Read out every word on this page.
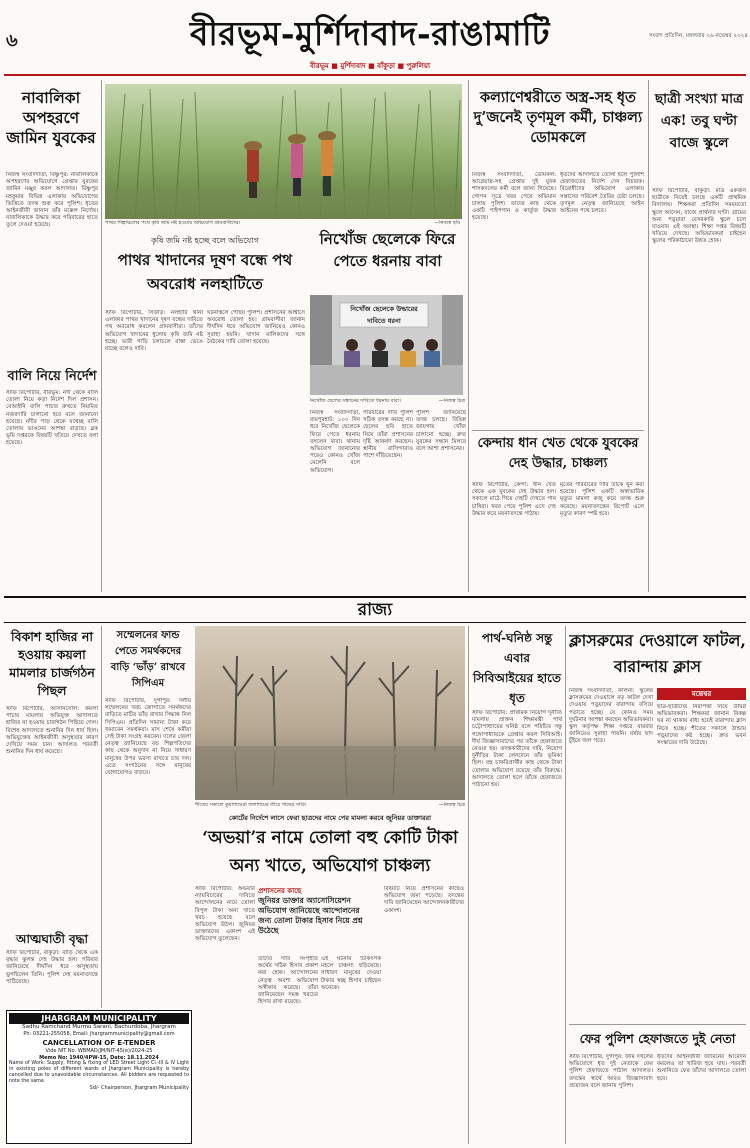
৬	বীরভূম-মুর্শিদাবাদ-রাঙামাটি	সংবাদ প্রতিদিন, মঙ্গলবার ২৬ নভেম্বর ২০২৪
বীরভূম ■ মুর্শিদাবাদ ■ বাঁকুড়া ■ পুরুলিয়া
নাবালিকা অপহরণে জামিন যুবকের
নিজস্ব সংবাদদাতা, বিষ্ণুপুর: নাবালিকাকে অপহরণের অভিযোগে গ্রেপ্তার যুবকের জামিন মঞ্জুর করল আদালত। বিষ্ণুপুর মহকুমার বিভিন্ন এলাকায় অভিযোগের ভিত্তিতে তদন্ত শুরু করে পুলিশ। ধৃতের আইনজীবী জানান তাঁর মক্কেল নির্দোষ। নাবালিকাকে উদ্ধার করে পরিবারের হাতে তুলে দেওয়া হয়েছে।
বালি নিয়ে নির্দেশ
স্টাফ রিপোর্টার, বীরভূম: নদী থেকে বালি তোলা নিয়ে কড়া নির্দেশ দিল প্রশাসন। বেআইনি বালি পাচার রুখতে নিয়মিত নজরদারি চালানো হবে বলে জানানো হয়েছে। নদীর পাড় থেকে যথেচ্ছ বালি তোলায় ভাঙনের আশঙ্কা বাড়ছে। ব্লক ভূমি দপ্তরকে বিষয়টি খতিয়ে দেখতে বলা হয়েছে।
পাথর শিল্পাঞ্চলের পথে কৃষি জমি নষ্ট হওয়ার অভিযোগ গ্রামবাসীদের।	—নিজস্ব ছবি
কৃষি জমি নষ্ট হচ্ছে বলে অভিযোগ
পাথর খাদানের দূষণ বন্ধে পথ অবরোধ নলহাটিতে
স্টাফ রিপোর্টার, সিউড়ি: নলহাটি থানা এলাকার পাথর খাদানের দূষণ বন্ধের দাবিতে পথ অবরোধ করলেন গ্রামবাসীরা। তাঁদের অভিযোগ খাদানের ধুলোয় কৃষি জমি নষ্ট হচ্ছে। ভারী গাড়ি চলাচলে রাস্তা ভেঙে যাচ্ছে বলেও দাবি।
ঘটনাস্থলে পৌঁছয় পুলিশ। প্রশাসনের আশ্বাসে অবরোধ তোলা হয়। গ্রামবাসীরা জানান দীর্ঘদিন ধরে অভিযোগ জানিয়েও কোনও সুরাহা হয়নি। খাদান মালিকদের সঙ্গে বৈঠকের দাবি তোলা হয়েছে।
নিখোঁজ ছেলেকে ফিরে পেতে ধরনায় বাবা
নিখোঁজ ছেলেকে উদ্ধারের দাবিতে ধরনা
নিখোঁজ ছেলের সন্ধানের দাবিতে ধরনায় বাবা।	—নিজস্ব চিত্র
নিজস্ব সংবাদদাতা, রামপুরহাট: ১০০ দিন ধরে নিখোঁজ ছেলেকে ফিরে পেতে ধরনায় বসলেন বাবা। থানায় অভিযোগ জানানোর পরেও কোনও খোঁজ মেলেনি বলে অভিযোগ।
পরিবারের দাবি পুলিশ সঠিক তদন্ত করছে না। ছেলের ছবি হাতে নিয়ে তাঁরা প্রশাসনের দৃষ্টি আকর্ষণ করছেন। স্থানীয় বাসিন্দারাও পাশে দাঁড়িয়েছেন।
পুলিশ জানিয়েছে তদন্ত চলছে। বিভিন্ন জায়গায় খোঁজ চালানো হচ্ছে। দ্রুত যুবকের সন্ধান মিলবে বলে আশা প্রশাসনের।
কল্যাণেশ্বরীতে অস্ত্র-সহ ধৃত দু’জনেই তৃণমূল কর্মী, চাঞ্চল্য ডোমকলে
নিজস্ব সংবাদদাতা, ডোমকল: আগ্নেয়াস্ত্র-সহ গ্রেপ্তার দুই যুবক শাসকদলের কর্মী বলে জানা গিয়েছে। গোপন সূত্রে খবর পেয়ে অভিযান চালায় পুলিশ। তাদের কাছ থেকে একটি পাইপগান ও কার্তুজ উদ্ধার হয়েছে।
ধৃতদের আদালতে তোলা হলে পুলিশি হেফাজতের নির্দেশ দেন বিচারক। বিরোধীদের অভিযোগ এলাকায় সন্ত্রাসের পরিবেশ তৈরির চেষ্টা চলছে। তৃণমূল নেতৃত্ব জানিয়েছে আইন আইনের পথে চলবে।
কেন্দায় ধান খেত থেকে যুবকের দেহ উদ্ধার, চাঞ্চল্য
স্টাফ রিপোর্টার, কেন্দা: ধান খেত থেকে এক যুবকের দেহ উদ্ধার হল। সকালে মাঠে গিয়ে দেহটি দেখতে পান চাষিরা। খবর পেয়ে পুলিশ এসে দেহ উদ্ধার করে ময়নাতদন্তে পাঠায়।
মৃতের পরিবারের দাবি তাঁকে খুন করা হয়েছে। পুলিশ একটি অস্বাভাবিক মৃত্যুর মামলা রুজু করে তদন্ত শুরু করেছে। ময়নাতদন্তের রিপোর্ট এলে মৃত্যুর কারণ স্পষ্ট হবে।
ছাত্রী সংখ্যা মাত্র এক! তবু ঘণ্টা বাজে স্কুলে
স্টাফ রিপোর্টার, বাঁকুড়া: মাত্র একজন ছাত্রীকে নিয়েই চলছে একটি প্রাথমিক বিদ্যালয়। শিক্ষকরা প্রতিদিন সময়মতো স্কুলে আসেন, বাজে প্রার্থনার ঘণ্টা। গ্রামের অন্য পড়ুয়ারা বেসরকারি স্কুলে চলে যাওয়ায় এই অবস্থা। শিক্ষা দপ্তর বিষয়টি খতিয়ে দেখছে। অভিভাবকরা চাইছেন স্কুলের পরিকাঠামো উন্নত হোক।
রাজ্য
বিকাশ হাজির না হওয়ায় কয়লা মামলার চার্জগঠন পিছল
স্টাফ রিপোর্টার, আসানসোল: কয়লা পাচার মামলায় অভিযুক্ত আদালতে হাজির না হওয়ায় চার্জগঠন পিছিয়ে গেল। বিশেষ আদালতে শুনানির দিন ধার্য ছিল। অভিযুক্তের আইনজীবী অসুস্থতার কারণ দেখিয়ে সময় চান। আদালত পরবর্তী শুনানির দিন ধার্য করেছে।
আত্মঘাতী বৃদ্ধা
স্টাফ রিপোর্টার, বাঁকুড়া: বাড়ি থেকে এক বৃদ্ধার ঝুলন্ত দেহ উদ্ধার হল। পরিবার জানিয়েছে দীর্ঘদিন ধরে অসুস্থতায় ভুগছিলেন তিনি। পুলিশ দেহ ময়নাতদন্তে পাঠিয়েছে।
JHARGRAM MUNICIPALITY
Sadhu Ramchand Murmu Sarani, Bachurdoba, Jhargram
Ph: 03221-255058, Email: jhargrammunicipality@gmail.com
CANCELLATION OF E-TENDER
Vide NIT No. WBMAD/JM/NIT-45(e)/2024-25
Memo No: 1940/4PW-15, Date: 18.11.2024
Name of Work: Supply, fitting & fixing of LED Street Light Cl.-III & IV Light in existing poles of different wards of Jhargram Municipality is hereby cancelled due to unavoidable circumstances. All bidders are requested to note the same.
Sd/- Chairperson, Jhargram Municipality
সম্মেলনের ফান্ড পেতে সমর্থকদের বাড়ি ‘ভাঁড়’ রাখবে সিপিএম
স্টাফ রিপোর্টার, দুর্গাপুর: দলীয় সম্মেলনের খরচ জোগাতে সমর্থকদের বাড়িতে মাটির ভাঁড় রাখার সিদ্ধান্ত নিল সিপিএম। প্রতিদিন সামান্য টাকা করে জমাবেন সমর্থকরা। মাস শেষে কর্মীরা সেই টাকা সংগ্রহ করবেন। দলের জেলা নেতৃত্ব জানিয়েছে বড় শিল্পপতিদের কাছ থেকে অনুদান না নিয়ে সাধারণ মানুষের উপর ভরসা রাখতে চায় দল। এতে সংগঠনের সঙ্গে মানুষের যোগাযোগও বাড়বে।
শীতের সকালে কুয়াশাঘেরা জলাশয়ের তীরে গাছের সারি।	—নিজস্ব চিত্র
কোর্টের নির্দেশে লাসে ফেরা ছাত্রদের নামে পের মামলা করবে জুনিয়র ডাক্তাররা
‘অভয়া’র নামে তোলা বহু কোটি টাকা অন্য খাতে, অভিযোগ চাঞ্চল্য
স্টাফ রিপোর্টার: অভয়ার ন্যায়বিচারের দাবিতে আন্দোলনের নামে তোলা বিপুল টাকা অন্য খাতে খরচ হয়েছে বলে অভিযোগ উঠল। জুনিয়র ডাক্তারদের একাংশ এই অভিযোগ তুলেছেন।
তাঁদের দাবি সংগৃহীত অর্থের সঠিক হিসাব প্রকাশ করা হোক। আন্দোলনের নেতৃত্ব অবশ্য অভিযোগ অস্বীকার করেছে। তাঁরা জানিয়েছেন সমস্ত খরচের হিসাব রাখা রয়েছে।
প্রশাসনের কাছে
জুনিয়র ডাক্তার অ্যাসোসিয়েশন অভিযোগ জানিয়েছে আন্দোলনের জন্য তোলা টাকার হিসাব নিয়ে প্রশ্ন উঠেছে
এই ঘটনায় চিকিৎসক মহলে চাঞ্চল্য ছড়িয়েছে। সাধারণ মানুষের দেওয়া টাকার স্বচ্ছ হিসাব চাইছেন অনেকে।
বিষয়টি নিয়ে প্রশাসনের কাছেও অভিযোগ জমা পড়েছে। তদন্তের দাবি জানিয়েছেন আন্দোলনকারীদের একাংশ।
পার্থ-ঘনিষ্ঠ সন্তু এবার সিবিআইয়ের হাতে ধৃত
স্টাফ রিপোর্টার: প্রাথমিক নিয়োগ দুর্নীতি মামলায় প্রাক্তন শিক্ষামন্ত্রী পার্থ চট্টোপাধ্যায়ের ঘনিষ্ঠ বলে পরিচিত সন্তু গঙ্গোপাধ্যায়কে গ্রেপ্তার করল সিবিআই। দীর্ঘ জিজ্ঞাসাবাদের পর তাঁকে হেফাজতে নেওয়া হয়। তদন্তকারীদের দাবি, নিয়োগ দুর্নীতির টাকা লেনদেনে তাঁর ভূমিকা ছিল। বহু চাকরিপ্রার্থীর কাছ থেকে টাকা তোলার অভিযোগ রয়েছে তাঁর বিরুদ্ধে। আদালতে তোলা হলে তাঁকে হেফাজতে পাঠানো হয়।
ক্লাসরুমের দেওয়ালে ফাটল, বারান্দায় ক্লাস
নিজস্ব সংবাদদাতা, কালনা: স্কুলের ক্লাসরুমের দেওয়ালে বড় ফাটল দেখা দেওয়ায় পড়ুয়াদের বারান্দায় বসিয়ে পড়াতে হচ্ছে। যে কোনও সময় দুর্ঘটনার আশঙ্কা করছেন অভিভাবকরা। স্কুল কর্তৃপক্ষ শিক্ষা দপ্তরে বারবার জানিয়েও সুরাহা পায়নি। বর্ষায় ছাদ চুঁইয়ে জল পড়ে।
মন্তেশ্বর
ছাত্র-ছাত্রীদের নিরাপত্তা নিয়ে উদ্বিগ্ন অভিভাবকরা। শিক্ষকরা জানান বিকল্প ঘর না থাকায় বাধ্য হয়েই বারান্দায় ক্লাস নিতে হচ্ছে। শীতের সকালে ঠান্ডায় পড়ুয়াদের কষ্ট হচ্ছে। দ্রুত ভবন সংস্কারের দাবি উঠেছে।
ফের পুলিশ হেফাজতে দুই নেতা
স্টাফ রিপোর্টার, দুর্গাপুর: জমি দখলের অভিযোগে ধৃত দুই নেতাকে ফের পুলিশ হেফাজতে পাঠাল আদালত। তদন্তের স্বার্থে আরও জিজ্ঞাসাবাদ প্রয়োজন বলে জানায় পুলিশ।
ধৃতদের আইনজীবী জামিনের আবেদন করলেও তা খারিজ হয়ে যায়। পরবর্তী শুনানিতে ফের তাঁদের আদালতে তোলা হবে।
